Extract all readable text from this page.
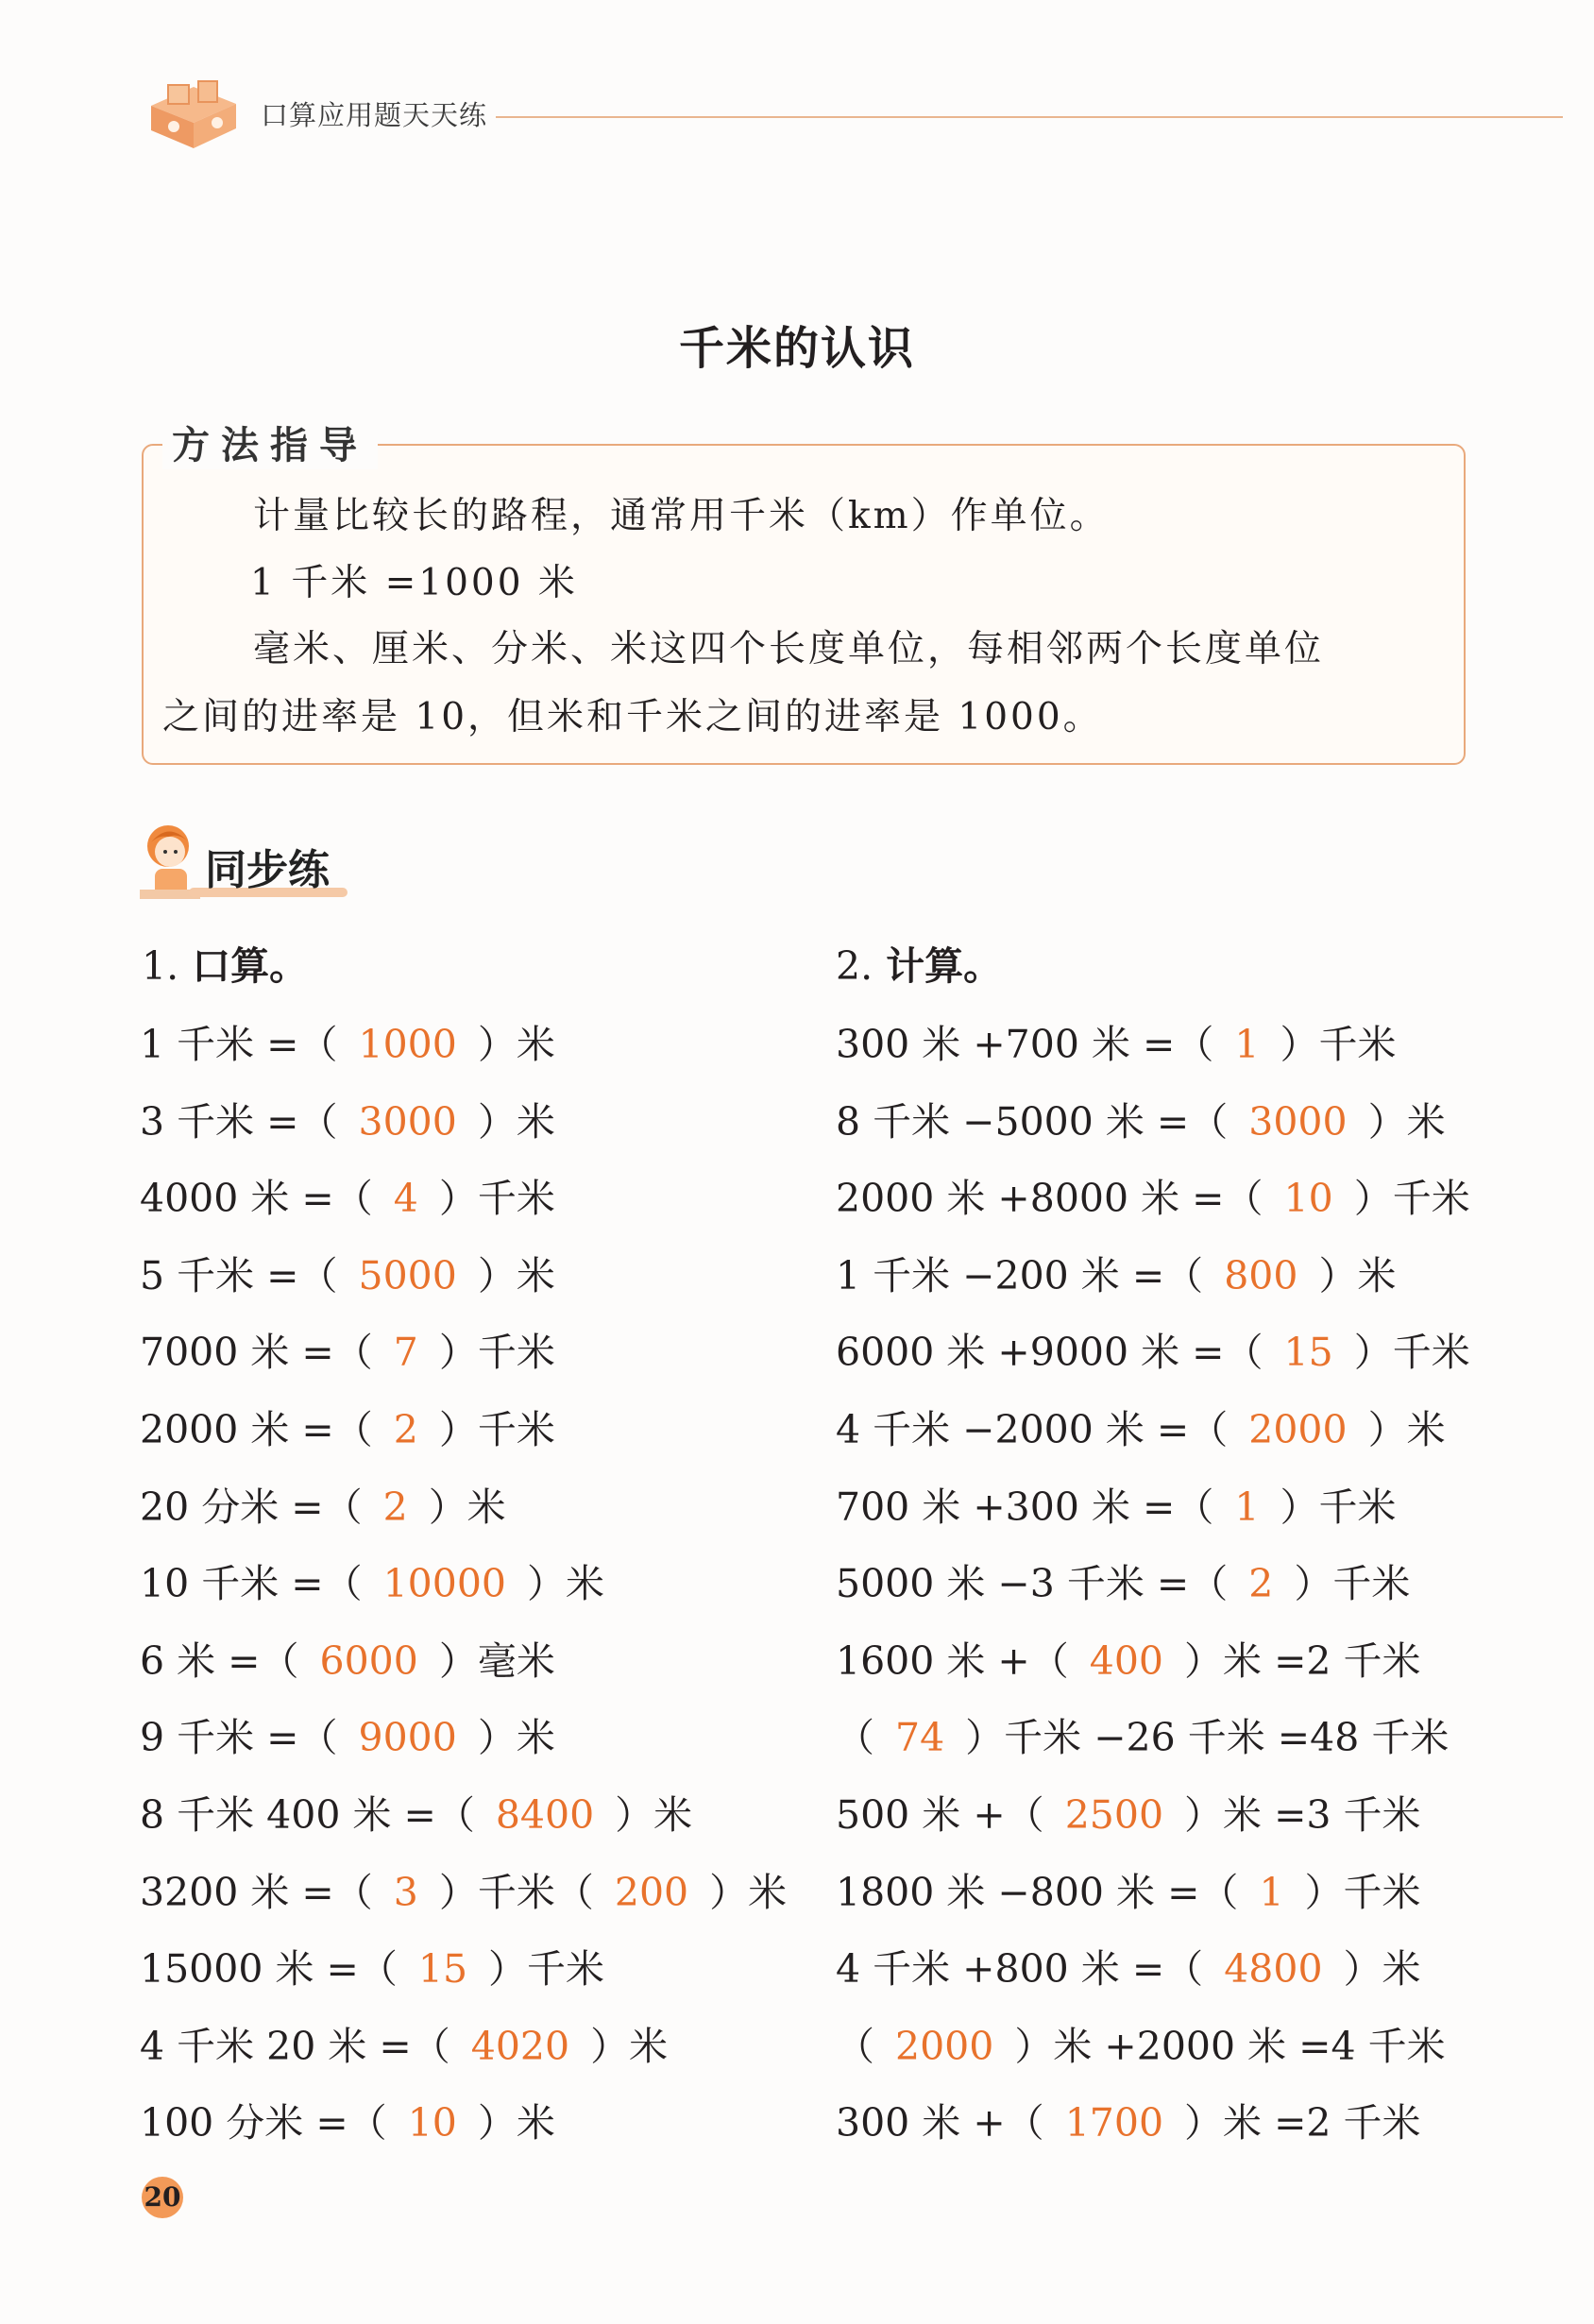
口算应用题天天练
千米的认识
方法指导
计量比较长的路程，通常用千米（km）作单位。
1 千米 =1000 米
毫米、厘米、分米、米这四个长度单位，每相邻两个长度单位
之间的进率是 10，但米和千米之间的进率是 1000。
同步练
1. 口算。
1 千米 =（ 1000 ）米
3 千米 =（ 3000 ）米
4000 米 =（ 4 ）千米
5 千米 =（ 5000 ）米
7000 米 =（ 7 ）千米
2000 米 =（ 2 ）千米
20 分米 =（ 2 ）米
10 千米 =（ 10000 ）米
6 米 =（ 6000 ）毫米
9 千米 =（ 9000 ）米
8 千米 400 米 =（ 8400 ）米
3200 米 =（ 3 ）千米（ 200 ）米
15000 米 =（ 15 ）千米
4 千米 20 米 =（ 4020 ）米
100 分米 =（ 10 ）米
2. 计算。
300 米 +700 米 =（ 1 ）千米
8 千米 −5000 米 =（ 3000 ）米
2000 米 +8000 米 =（ 10 ）千米
1 千米 −200 米 =（ 800 ）米
6000 米 +9000 米 =（ 15 ）千米
4 千米 −2000 米 =（ 2000 ）米
700 米 +300 米 =（ 1 ）千米
5000 米 −3 千米 =（ 2 ）千米
1600 米 +（ 400 ）米 =2 千米
（ 74 ）千米 −26 千米 =48 千米
500 米 +（ 2500 ）米 =3 千米
1800 米 −800 米 =（ 1 ）千米
4 千米 +800 米 =（ 4800 ）米
（ 2000 ）米 +2000 米 =4 千米
300 米 +（ 1700 ）米 =2 千米
20
